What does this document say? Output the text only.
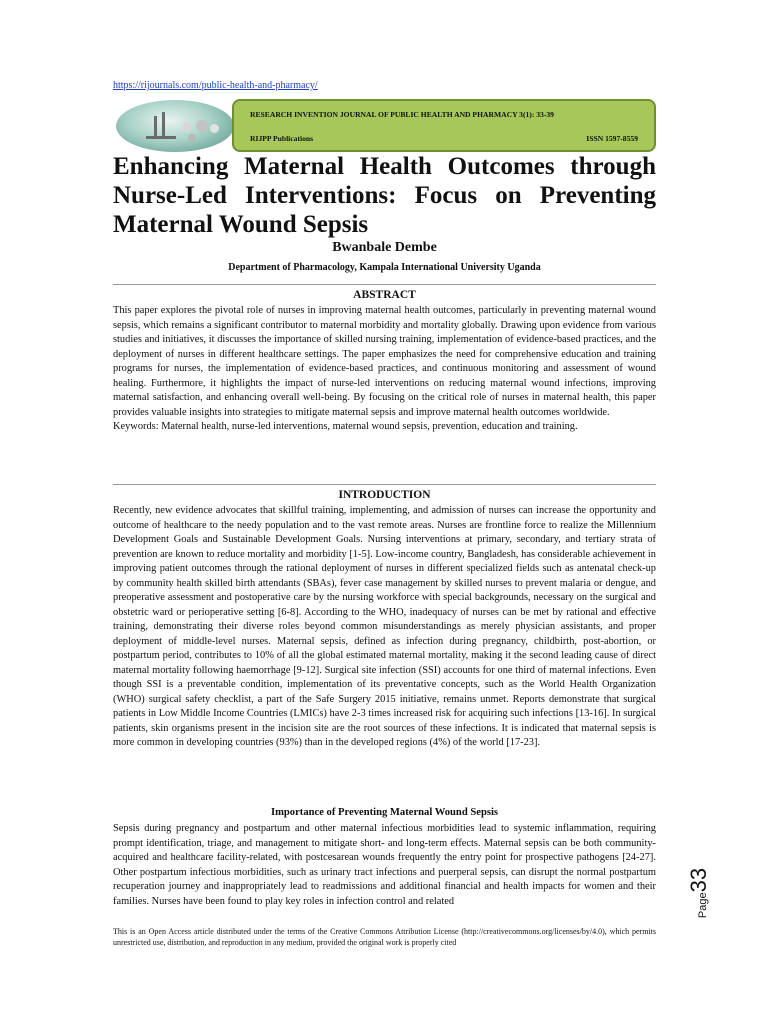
https://rijournals.com/public-health-and-pharmacy/
RESEARCH INVENTION JOURNAL OF PUBLIC HEALTH AND PHARMACY 3(1): 33-39
RIJPP Publications	ISSN 1597-8559
Enhancing Maternal Health Outcomes through Nurse-Led Interventions: Focus on Preventing Maternal Wound Sepsis
Bwanbale Dembe
Department of Pharmacology, Kampala International University Uganda
ABSTRACT

This paper explores the pivotal role of nurses in improving maternal health outcomes, particularly in preventing maternal wound sepsis, which remains a significant contributor to maternal morbidity and mortality globally. Drawing upon evidence from various studies and initiatives, it discusses the importance of skilled nursing training, implementation of evidence-based practices, and the deployment of nurses in different healthcare settings. The paper emphasizes the need for comprehensive education and training programs for nurses, the implementation of evidence-based practices, and continuous monitoring and assessment of wound healing. Furthermore, it highlights the impact of nurse-led interventions on reducing maternal wound infections, improving maternal satisfaction, and enhancing overall well-being. By focusing on the critical role of nurses in maternal health, this paper provides valuable insights into strategies to mitigate maternal sepsis and improve maternal health outcomes worldwide.

Keywords: Maternal health, nurse-led interventions, maternal wound sepsis, prevention, education and training.

INTRODUCTION

Recently, new evidence advocates that skillful training, implementing, and admission of nurses can increase the opportunity and outcome of healthcare to the needy population and to the vast remote areas. Nurses are frontline force to realize the Millennium Development Goals and Sustainable Development Goals. Nursing interventions at primary, secondary, and tertiary strata of prevention are known to reduce mortality and morbidity [1-5]. Low-income country, Bangladesh, has considerable achievement in improving patient outcomes through the rational deployment of nurses in different specialized fields such as antenatal check-up by community health skilled birth attendants (SBAs), fever case management by skilled nurses to prevent malaria or dengue, and preoperative assessment and postoperative care by the nursing workforce with special backgrounds, necessary on the surgical and obstetric ward or perioperative setting [6-8]. According to the WHO, inadequacy of nurses can be met by rational and effective training, demonstrating their diverse roles beyond common misunderstandings as merely physician assistants, and proper deployment of middle-level nurses. Maternal sepsis, defined as infection during pregnancy, childbirth, post-abortion, or postpartum period, contributes to 10% of all the global estimated maternal mortality, making it the second leading cause of direct maternal mortality following haemorrhage [9-12]. Surgical site infection (SSI) accounts for one third of maternal infections. Even though SSI is a preventable condition, implementation of its preventative concepts, such as the World Health Organization (WHO) surgical safety checklist, a part of the Safe Surgery 2015 initiative, remains unmet. Reports demonstrate that surgical patients in Low Middle Income Countries (LMICs) have 2-3 times increased risk for acquiring such infections [13-16]. In surgical patients, skin organisms present in the incision site are the root sources of these infections. It is indicated that maternal sepsis is more common in developing countries (93%) than in the developed regions (4%) of the world [17-23].

Importance of Preventing Maternal Wound Sepsis

Sepsis during pregnancy and postpartum and other maternal infectious morbidities lead to systemic inflammation, requiring prompt identification, triage, and management to mitigate short- and long-term effects. Maternal sepsis can be both community-acquired and healthcare facility-related, with postcesarean wounds frequently the entry point for prospective pathogens [24-27]. Other postpartum infectious morbidities, such as urinary tract infections and puerperal sepsis, can disrupt the normal postpartum recuperation journey and inappropriately lead to readmissions and additional financial and health impacts for women and their families. Nurses have been found to play key roles in infection control and related

This is an Open Access article distributed under the terms of the Creative Commons Attribution License (http://creativecommons.org/licenses/by/4.0), which permits unrestricted use, distribution, and reproduction in any medium, provided the original work is properly cited
Page33
